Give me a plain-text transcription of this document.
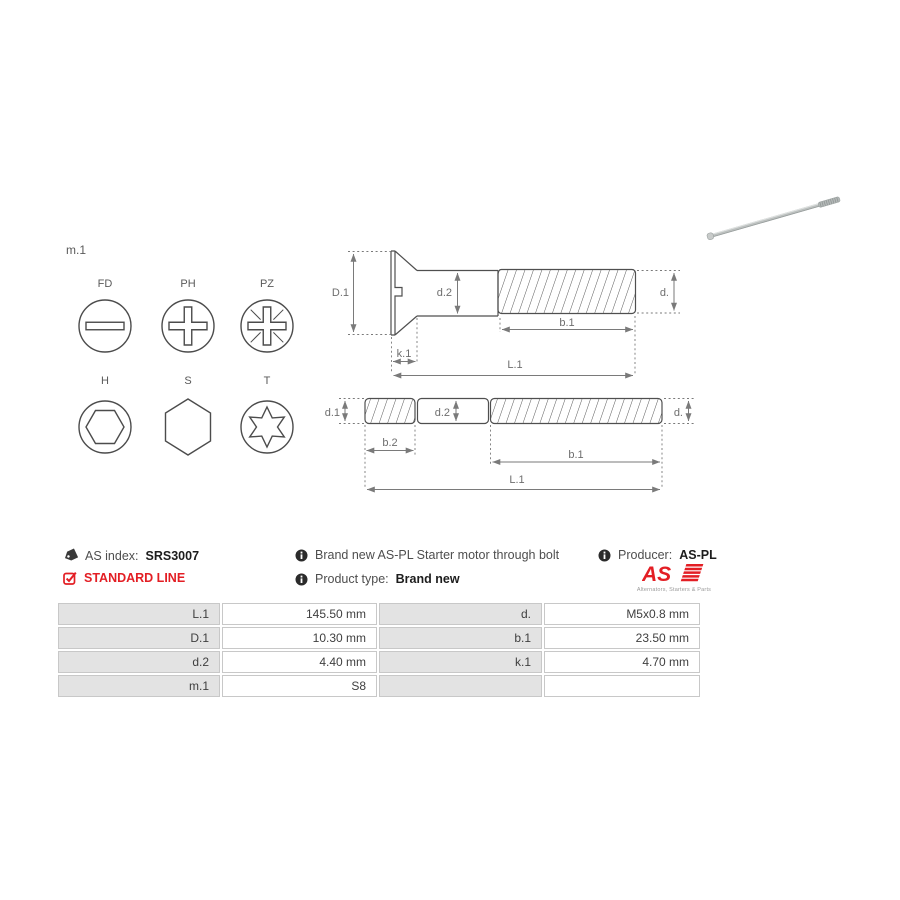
m.1
FD	PH	PZ
H	S	T
D.1	d.2	d.
b.1
k.1
L.1
d.1	d.2	d.
b.2
b.1
L.1
AS index: SRS3007
STANDARD LINE
Brand new AS-PL Starter motor through bolt
Product type: Brand new
Producer: AS-PL
AS
Alternators, Starters & Parts
L.1	145.50 mm	d.	M5x0.8 mm
D.1	10.30 mm	b.1	23.50 mm
d.2	4.40 mm	k.1	4.70 mm
m.1	S8
